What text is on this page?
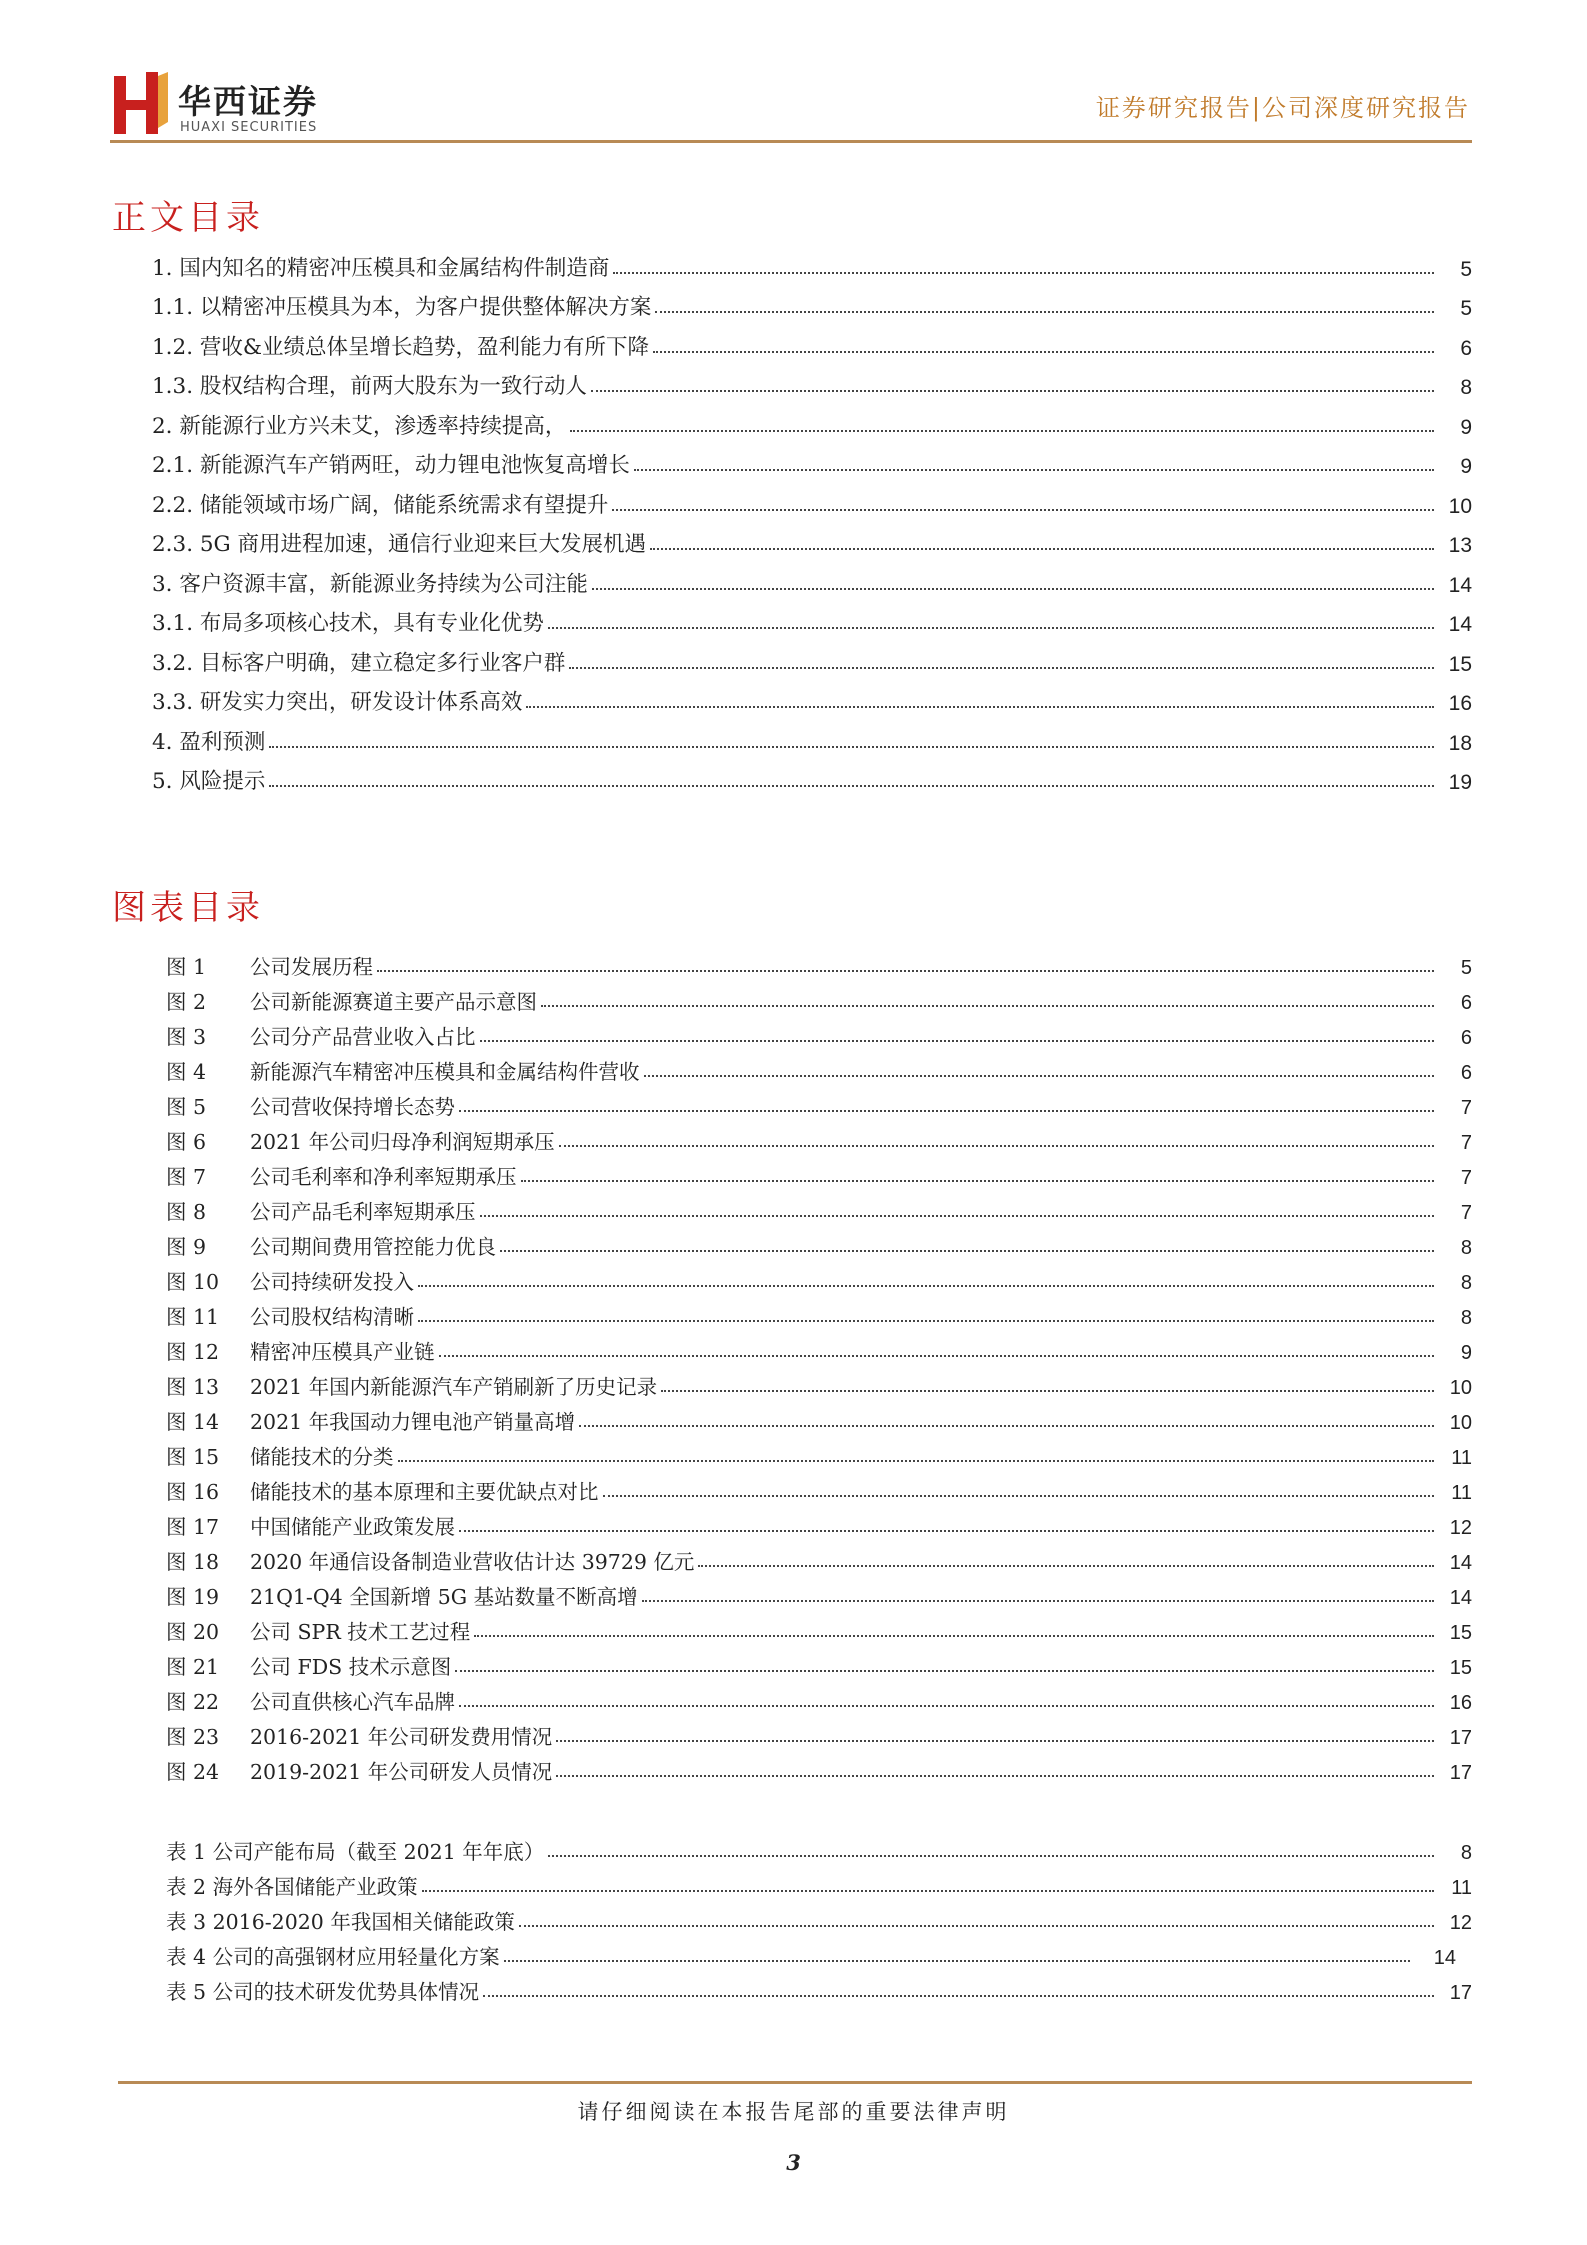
华西证券
HUAXI SECURITIES
证券研究报告|公司深度研究报告
正文目录
1. 国内知名的精密冲压模具和金属结构件制造商	5
1.1. 以精密冲压模具为本，为客户提供整体解决方案	5
1.2. 营收&业绩总体呈增长趋势，盈利能力有所下降	6
1.3. 股权结构合理，前两大股东为一致行动人	8
2. 新能源行业方兴未艾，渗透率持续提高，	9
2.1. 新能源汽车产销两旺，动力锂电池恢复高增长	9
2.2. 储能领域市场广阔，储能系统需求有望提升	10
2.3. 5G 商用进程加速，通信行业迎来巨大发展机遇	13
3. 客户资源丰富，新能源业务持续为公司注能	14
3.1. 布局多项核心技术，具有专业化优势	14
3.2. 目标客户明确，建立稳定多行业客户群	15
3.3. 研发实力突出，研发设计体系高效	16
4. 盈利预测	18
5. 风险提示	19
图表目录
图 1 公司发展历程	5
图 2 公司新能源赛道主要产品示意图	6
图 3 公司分产品营业收入占比	6
图 4 新能源汽车精密冲压模具和金属结构件营收	6
图 5 公司营收保持增长态势	7
图 6 2021 年公司归母净利润短期承压	7
图 7 公司毛利率和净利率短期承压	7
图 8 公司产品毛利率短期承压	7
图 9 公司期间费用管控能力优良	8
图 10 公司持续研发投入	8
图 11 公司股权结构清晰	8
图 12 精密冲压模具产业链	9
图 13 2021 年国内新能源汽车产销刷新了历史记录	10
图 14 2021 年我国动力锂电池产销量高增	10
图 15 储能技术的分类	11
图 16 储能技术的基本原理和主要优缺点对比	11
图 17 中国储能产业政策发展	12
图 18 2020 年通信设备制造业营收估计达 39729 亿元	14
图 19 21Q1-Q4 全国新增 5G 基站数量不断高增	14
图 20 公司 SPR 技术工艺过程	15
图 21 公司 FDS 技术示意图	15
图 22 公司直供核心汽车品牌	16
图 23 2016-2021 年公司研发费用情况	17
图 24 2019-2021 年公司研发人员情况	17
表 1 公司产能布局（截至 2021 年年底）	8
表 2 海外各国储能产业政策	11
表 3 2016-2020 年我国相关储能政策	12
表 4 公司的高强钢材应用轻量化方案	14
表 5 公司的技术研发优势具体情况	17
请仔细阅读在本报告尾部的重要法律声明
3
